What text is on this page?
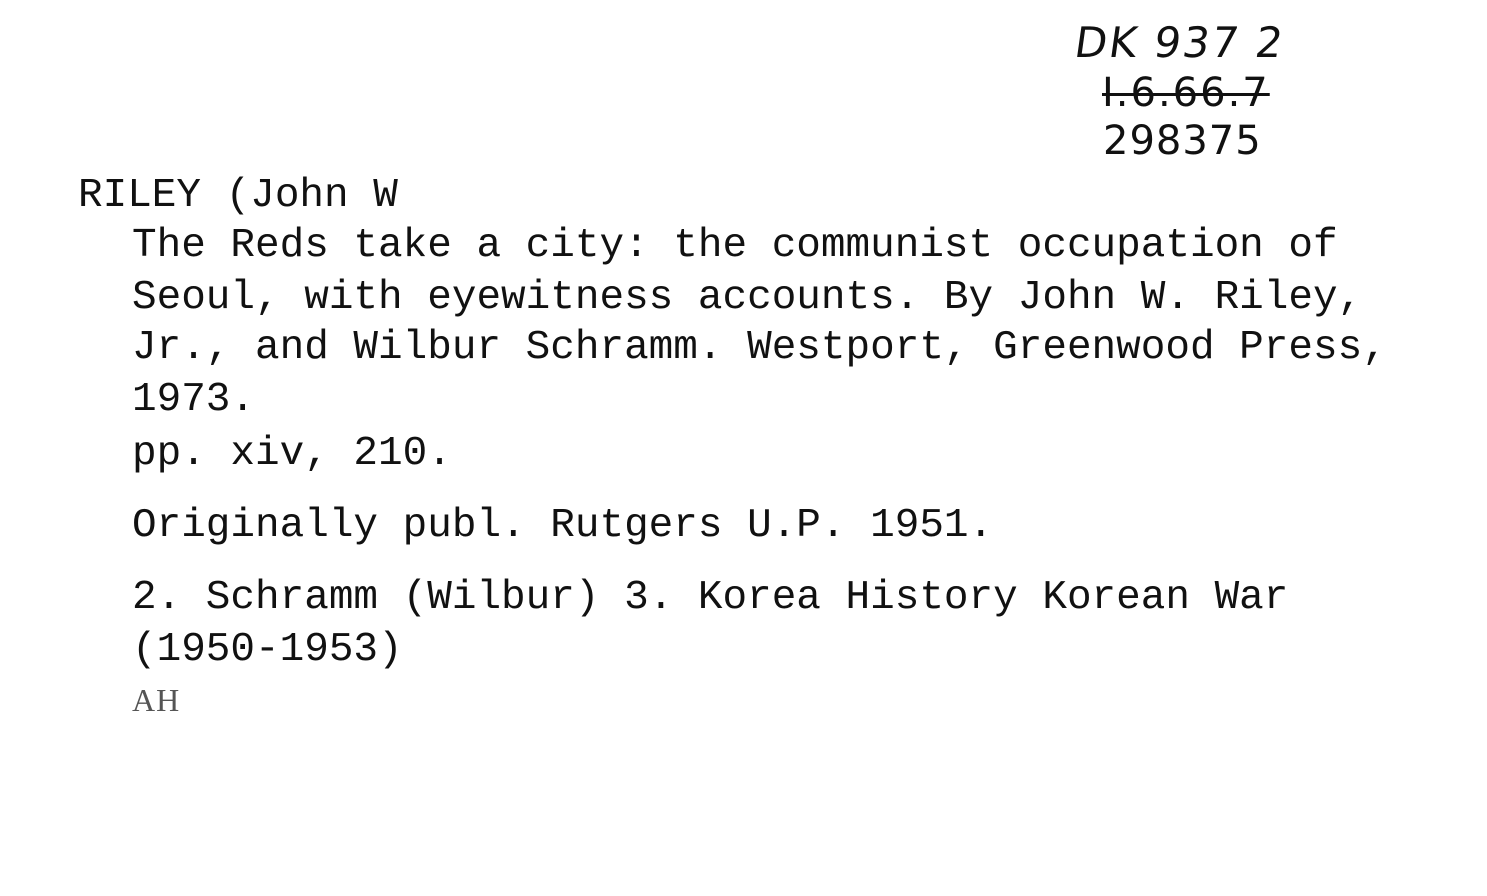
DK 937 2
I.6.66.7
298375
RILEY (John W
The Reds take a city: the communist occupation of
Seoul, with eyewitness accounts. By John W. Riley,
Jr., and Wilbur Schramm. Westport, Greenwood Press,
1973.
pp. xiv, 210.
Originally publ. Rutgers U.P. 1951.
2. Schramm (Wilbur) 3. Korea History Korean War
(1950-1953)
AH
